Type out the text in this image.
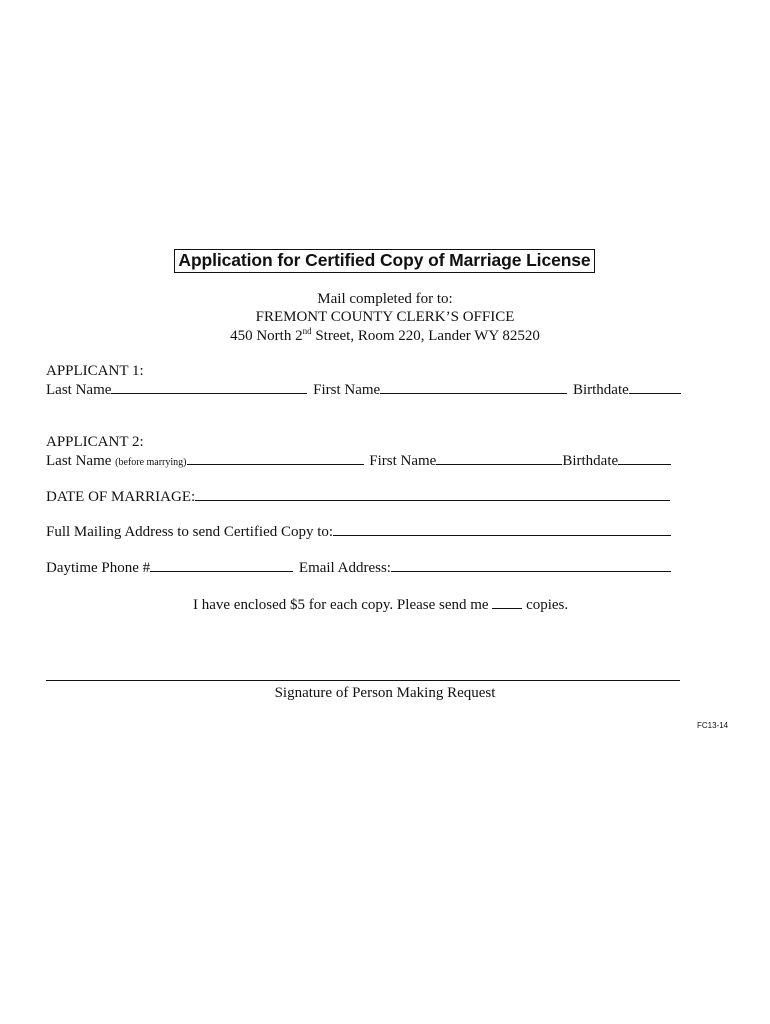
Application for Certified Copy of Marriage License
Mail completed for to:
FREMONT COUNTY CLERK’S OFFICE
450 North 2nd Street, Room 220, Lander WY 82520
APPLICANT 1:
Last Name	First Name	Birthdate
APPLICANT 2:
Last Name (before marrying)	First Name	Birthdate
DATE OF MARRIAGE:
Full Mailing Address to send Certified Copy to:
Daytime Phone #	Email Address:
I have enclosed $5 for each copy. Please send me  copies.
Signature of Person Making Request
FC13-14
